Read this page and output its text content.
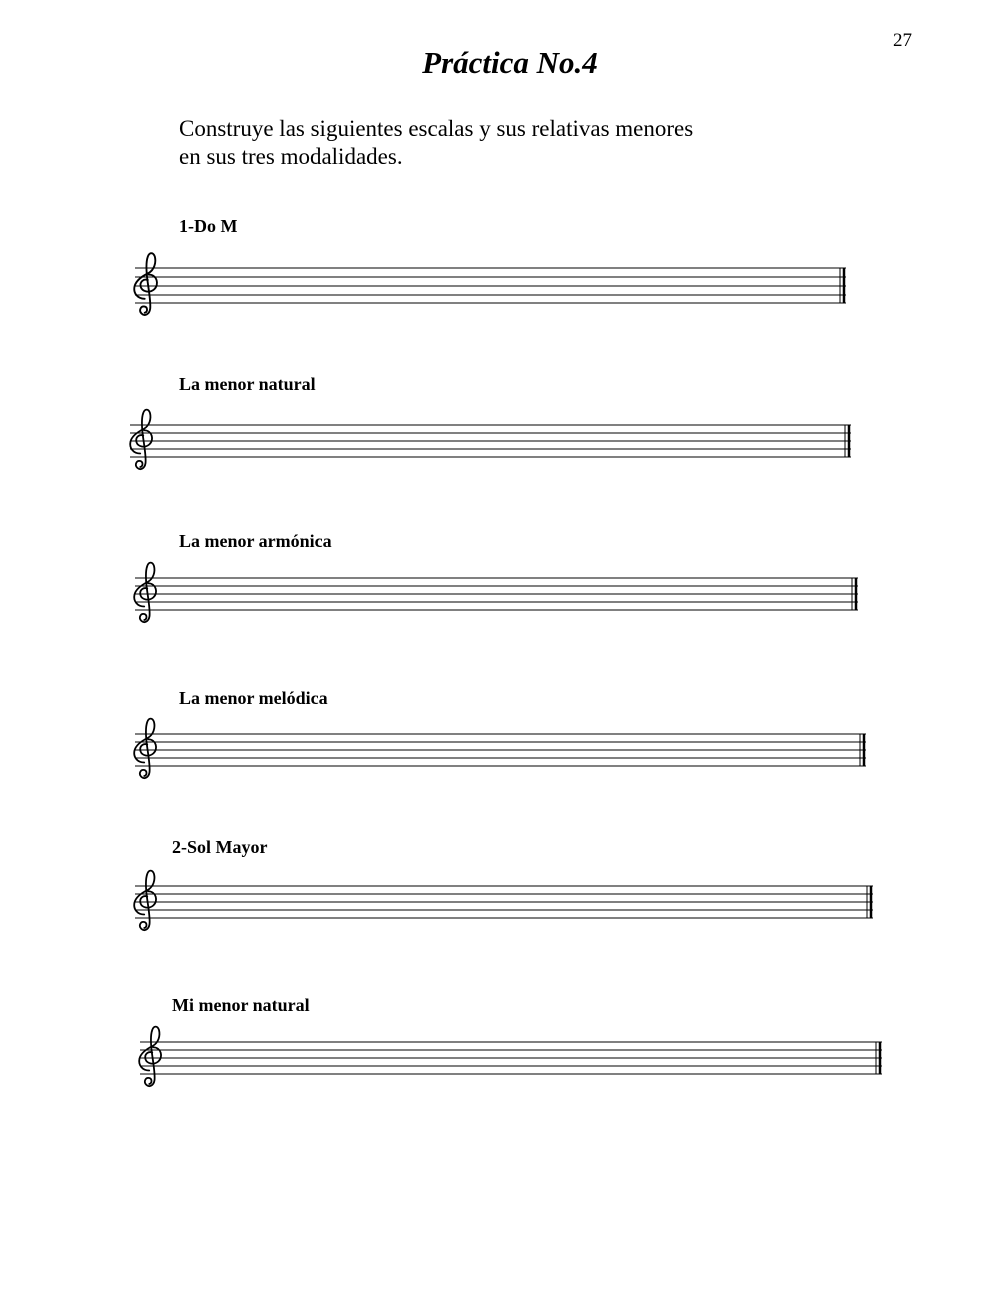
27
Práctica No.4

Construye las siguientes escalas y sus relativas menores
en sus tres modalidades.

1-Do M
La menor natural
La menor armónica
La menor melódica
2-Sol Mayor
Mi menor natural
